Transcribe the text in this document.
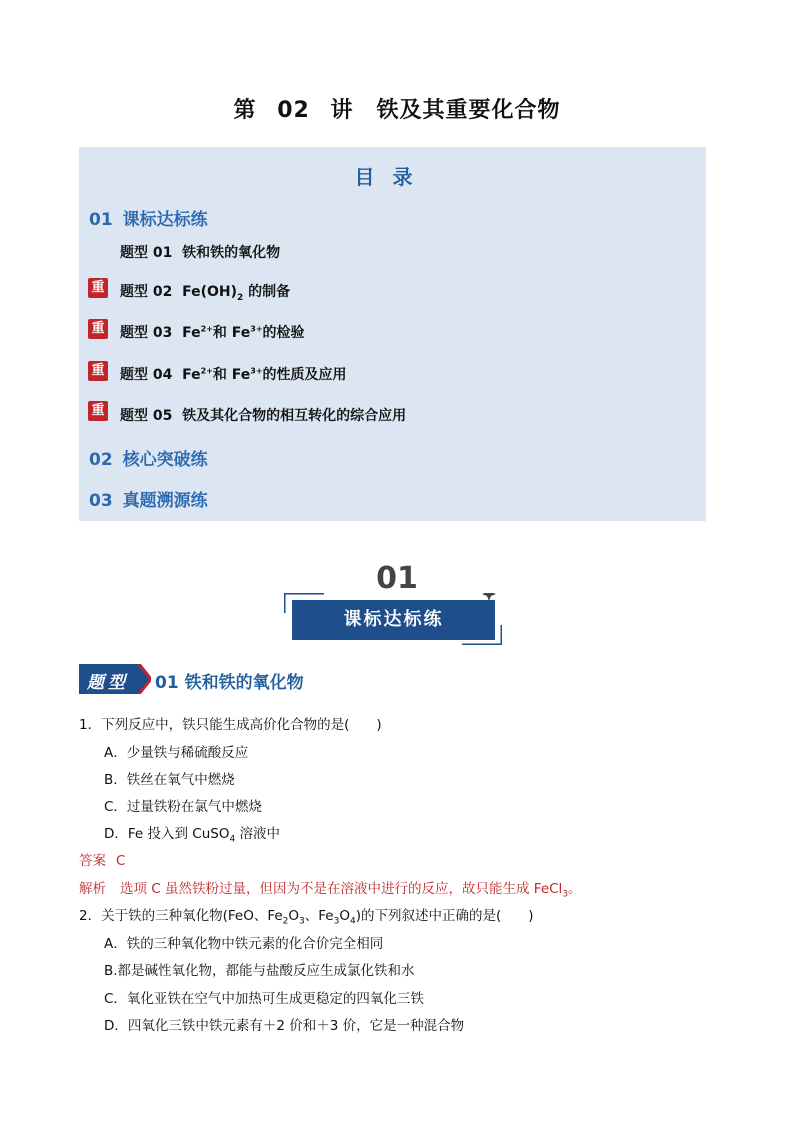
第 02 讲　铁及其重要化合物
目录
01 课标达标练
题型 01 铁和铁的氧化物
重 题型 02 $Fe(OH)_2$ 的制备
重 题型 03 $Fe^{2+}$和 $Fe^{3+}$的检验
重 题型 04 $Fe^{2+}$和 $Fe^{3+}$的性质及应用
重 题型 05 铁及其化合物的相互转化的综合应用
02 核心突破练
03 真题溯源练
01
课标达标练
题型 01 铁和铁的氧化物
1．下列反应中，铁只能生成高价化合物的是(　　)
A．少量铁与稀硫酸反应
B．铁丝在氧气中燃烧
C．过量铁粉在氯气中燃烧
D．Fe 投入到 CuSO$_4$ 溶液中
答案 C
解析 选项 C 虽然铁粉过量，但因为不是在溶液中进行的反应，故只能生成 FeCl$_3$。
2．关于铁的三种氧化物(FeO、$Fe_2O_3$、$Fe_3O_4$)的下列叙述中正确的是(　　)
A．铁的三种氧化物中铁元素的化合价完全相同
B.都是碱性氧化物，都能与盐酸反应生成氯化铁和水
C．氧化亚铁在空气中加热可生成更稳定的四氧化三铁
D．四氧化三铁中铁元素有＋2 价和＋3 价，它是一种混合物
